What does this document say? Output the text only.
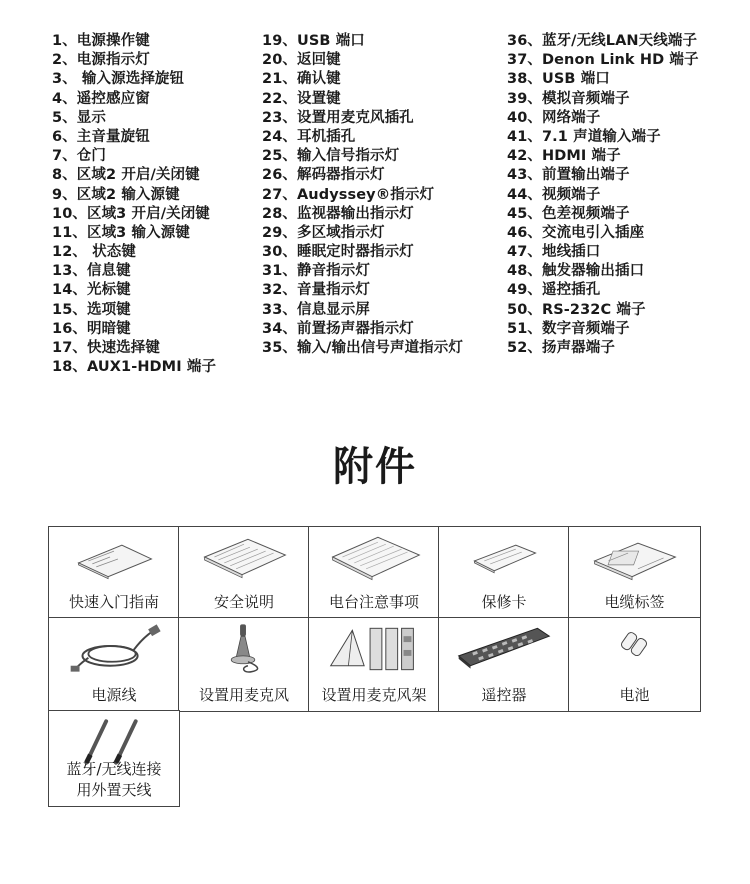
1、电源操作键
2、电源指示灯
3、 输入源选择旋钮
4、遥控感应窗
5、显示
6、主音量旋钮
7、仓门
8、区域2 开启/关闭键
9、区域2 输入源键
10、区域3 开启/关闭键
11、区域3 输入源键
12、 状态键
13、信息键
14、光标键
15、选项键
16、明暗键
17、快速选择键
18、AUX1-HDMI 端子
19、USB 端口
20、返回键
21、确认键
22、设置键
23、设置用麦克风插孔
24、耳机插孔
25、输入信号指示灯
26、解码器指示灯
27、Audyssey®指示灯
28、监视器输出指示灯
29、多区域指示灯
30、睡眠定时器指示灯
31、静音指示灯
32、音量指示灯
33、信息显示屏
34、前置扬声器指示灯
35、输入/输出信号声道指示灯
36、蓝牙/无线LAN天线端子
37、Denon Link HD 端子
38、USB 端口
39、模拟音频端子
40、网络端子
41、7.1 声道输入端子
42、HDMI 端子
43、前置输出端子
44、视频端子
45、色差视频端子
46、交流电引入插座
47、地线插口
48、触发器输出插口
49、遥控插孔
50、RS-232C 端子
51、数字音频端子
52、扬声器端子
附件
快速入门指南	安全说明	电台注意事项	保修卡	电缆标签
电源线	设置用麦克风	设置用麦克风架	遥控器	电池
蓝牙/无线连接
用外置天线
